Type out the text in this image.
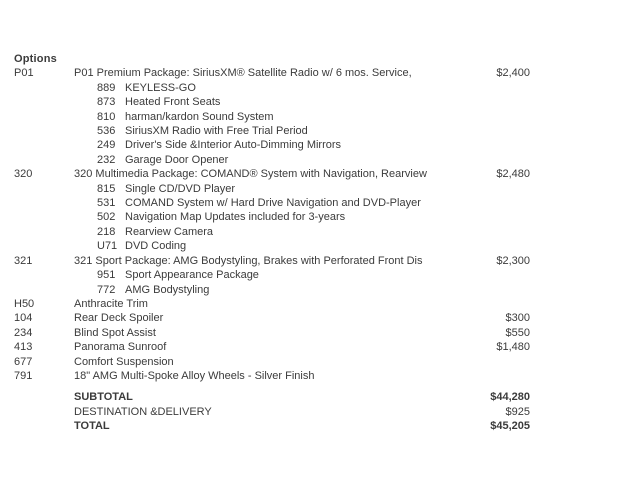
Options
P01	P01 Premium Package: SiriusXM® Satellite Radio w/ 6 mos. Service,	$2,400
889 KEYLESS-GO
873 Heated Front Seats
810 harman/kardon Sound System
536 SiriusXM Radio with Free Trial Period
249 Driver's Side &Interior Auto-Dimming Mirrors
232 Garage Door Opener
320	320 Multimedia Package: COMAND® System with Navigation, Rearview	$2,480
815 Single CD/DVD Player
531 COMAND System w/ Hard Drive Navigation and DVD-Player
502 Navigation Map Updates included for 3-years
218 Rearview Camera
U71 DVD Coding
321	321 Sport Package: AMG Bodystyling, Brakes with Perforated Front Dis	$2,300
951 Sport Appearance Package
772 AMG Bodystyling
H50	Anthracite Trim
104	Rear Deck Spoiler	$300
234	Blind Spot Assist	$550
413	Panorama Sunroof	$1,480
677	Comfort Suspension
791	18" AMG Multi-Spoke Alloy Wheels - Silver Finish
SUBTOTAL	$44,280
DESTINATION &DELIVERY	$925
TOTAL	$45,205
